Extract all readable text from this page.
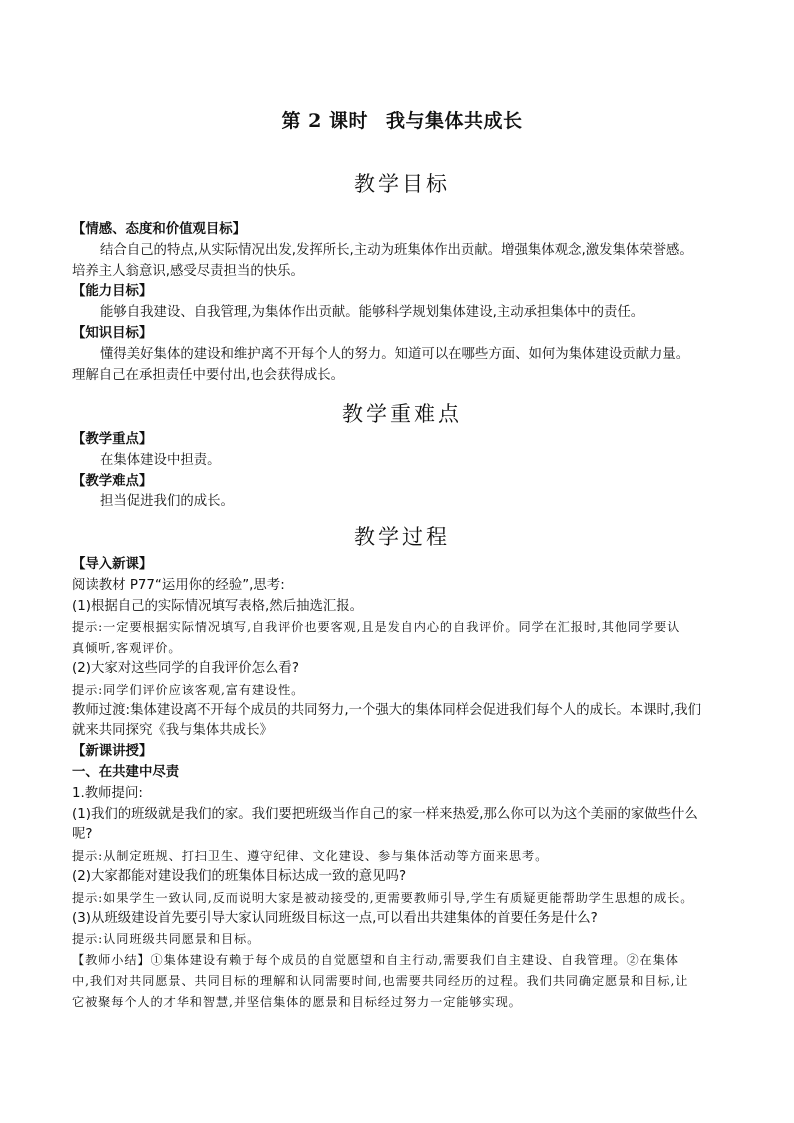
第 2 课时 我与集体共成长
教学目标
【情感、态度和价值观目标】
结合自己的特点,从实际情况出发,发挥所长,主动为班集体作出贡献。增强集体观念,激发集体荣誉感。
培养主人翁意识,感受尽责担当的快乐。
【能力目标】
能够自我建设、自我管理,为集体作出贡献。能够科学规划集体建设,主动承担集体中的责任。
【知识目标】
懂得美好集体的建设和维护离不开每个人的努力。知道可以在哪些方面、如何为集体建设贡献力量。
理解自己在承担责任中要付出,也会获得成长。
教学重难点
【教学重点】
在集体建设中担责。
【教学难点】
担当促进我们的成长。
教学过程
【导入新课】
阅读教材 P77“运用你的经验”,思考:
(1)根据自己的实际情况填写表格,然后抽选汇报。
提示:一定要根据实际情况填写,自我评价也要客观,且是发自内心的自我评价。同学在汇报时,其他同学要认
真倾听,客观评价。
(2)大家对这些同学的自我评价怎么看?
提示:同学们评价应该客观,富有建设性。
教师过渡:集体建设离不开每个成员的共同努力,一个强大的集体同样会促进我们每个人的成长。本课时,我们
就来共同探究《我与集体共成长》
【新课讲授】
一、在共建中尽责
1.教师提问:
(1)我们的班级就是我们的家。我们要把班级当作自己的家一样来热爱,那么你可以为这个美丽的家做些什么
呢?
提示:从制定班规、打扫卫生、遵守纪律、文化建设、参与集体活动等方面来思考。
(2)大家都能对建设我们的班集体目标达成一致的意见吗?
提示:如果学生一致认同,反而说明大家是被动接受的,更需要教师引导,学生有质疑更能帮助学生思想的成长。
(3)从班级建设首先要引导大家认同班级目标这一点,可以看出共建集体的首要任务是什么?
提示:认同班级共同愿景和目标。
【教师小结】①集体建设有赖于每个成员的自觉愿望和自主行动,需要我们自主建设、自我管理。②在集体
中,我们对共同愿景、共同目标的理解和认同需要时间,也需要共同经历的过程。我们共同确定愿景和目标,让
它被聚每个人的才华和智慧,并坚信集体的愿景和目标经过努力一定能够实现。
